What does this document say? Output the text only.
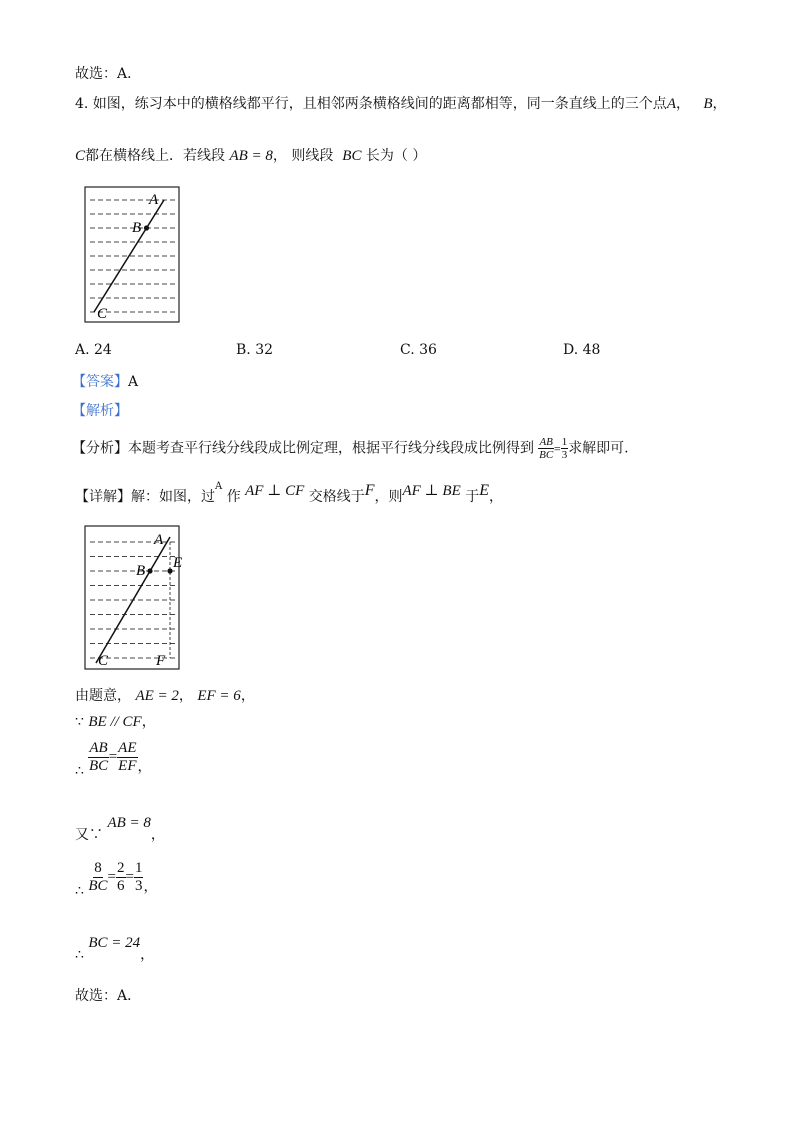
故选：A．
4. 如图，练习本中的横格线都平行，且相邻两条横格线间的距离都相等，同一条直线上的三个点A， B，
C都在横格线上．若线段 AB = 8， 则线段 BC 长为（ ）
A
B
C
A. 24	B. 32	C. 36	D. 48
【答案】A
【解析】
【分析】本题考查平行线分线段成比例定理，根据平行线分线段成比例得到 $\frac{AB}{BC} = \frac{1}{3}$ 求解即可.
【详解】解：如图，过$^A$ 作 AF ⊥ CF 交格线于F，则AF ⊥ BE 于E，
A
B E
C	F
由题意， AE = 2， EF = 6，
∵ BE // CF，
∴ $\frac{AB}{BC} = \frac{AE}{EF}$ ，
又∵ AB = 8，
∴ $\frac{8}{BC} = \frac{2}{6} = \frac{1}{3}$ ，
∴ BC = 24，
故选：A．
